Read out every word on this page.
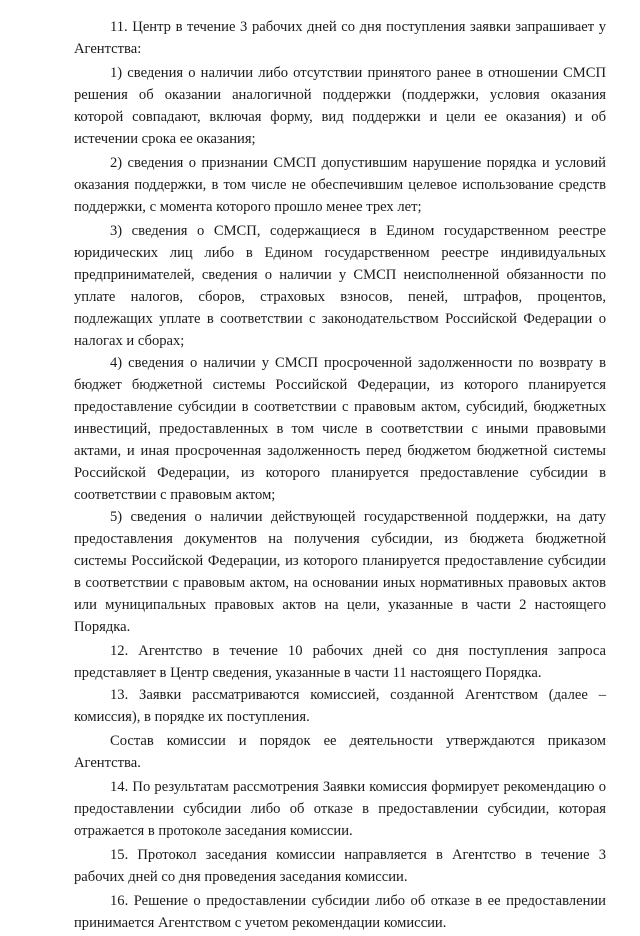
11. Центр в течение 3 рабочих дней со дня поступления заявки запрашивает у Агентства:

1) сведения о наличии либо отсутствии принятого ранее в отношении СМСП решения об оказании аналогичной поддержки (поддержки, условия оказания которой совпадают, включая форму, вид поддержки и цели ее оказания) и об истечении срока ее оказания;

2) сведения о признании СМСП допустившим нарушение порядка и условий оказания поддержки, в том числе не обеспечившим целевое использование средств поддержки, с момента которого прошло менее трех лет;

3) сведения о СМСП, содержащиеся в Едином государственном реестре юридических лиц либо в Едином государственном реестре индивидуальных предпринимателей, сведения о наличии у СМСП неисполненной обязанности по уплате налогов, сборов, страховых взносов, пеней, штрафов, процентов, подлежащих уплате в соответствии с законодательством Российской Федерации о налогах и сборах;

4) сведения о наличии у СМСП просроченной задолженности по возврату в бюджет бюджетной системы Российской Федерации, из которого планируется предоставление субсидии в соответствии с правовым актом, субсидий, бюджетных инвестиций, предоставленных в том числе в соответствии с иными правовыми актами, и иная просроченная задолженность перед бюджетом бюджетной системы Российской Федерации, из которого планируется предоставление субсидии в соответствии с правовым актом;

5) сведения о наличии действующей государственной поддержки, на дату предоставления документов на получения субсидии, из бюджета бюджетной системы Российской Федерации, из которого планируется предоставление субсидии в соответствии с правовым актом, на основании иных нормативных правовых актов или муниципальных правовых актов на цели, указанные в части 2 настоящего Порядка.

12. Агентство в течение 10 рабочих дней со дня поступления запроса представляет в Центр сведения, указанные в части 11 настоящего Порядка.

13. Заявки рассматриваются комиссией, созданной Агентством (далее – комиссия), в порядке их поступления.

Состав комиссии и порядок ее деятельности утверждаются приказом Агентства.

14. По результатам рассмотрения Заявки комиссия формирует рекомендацию о предоставлении субсидии либо об отказе в предоставлении субсидии, которая отражается в протоколе заседания комиссии.

15. Протокол заседания комиссии направляется в Агентство в течение 3 рабочих дней со дня проведения заседания комиссии.

16. Решение о предоставлении субсидии либо об отказе в ее предоставлении принимается Агентством с учетом рекомендации комиссии.
